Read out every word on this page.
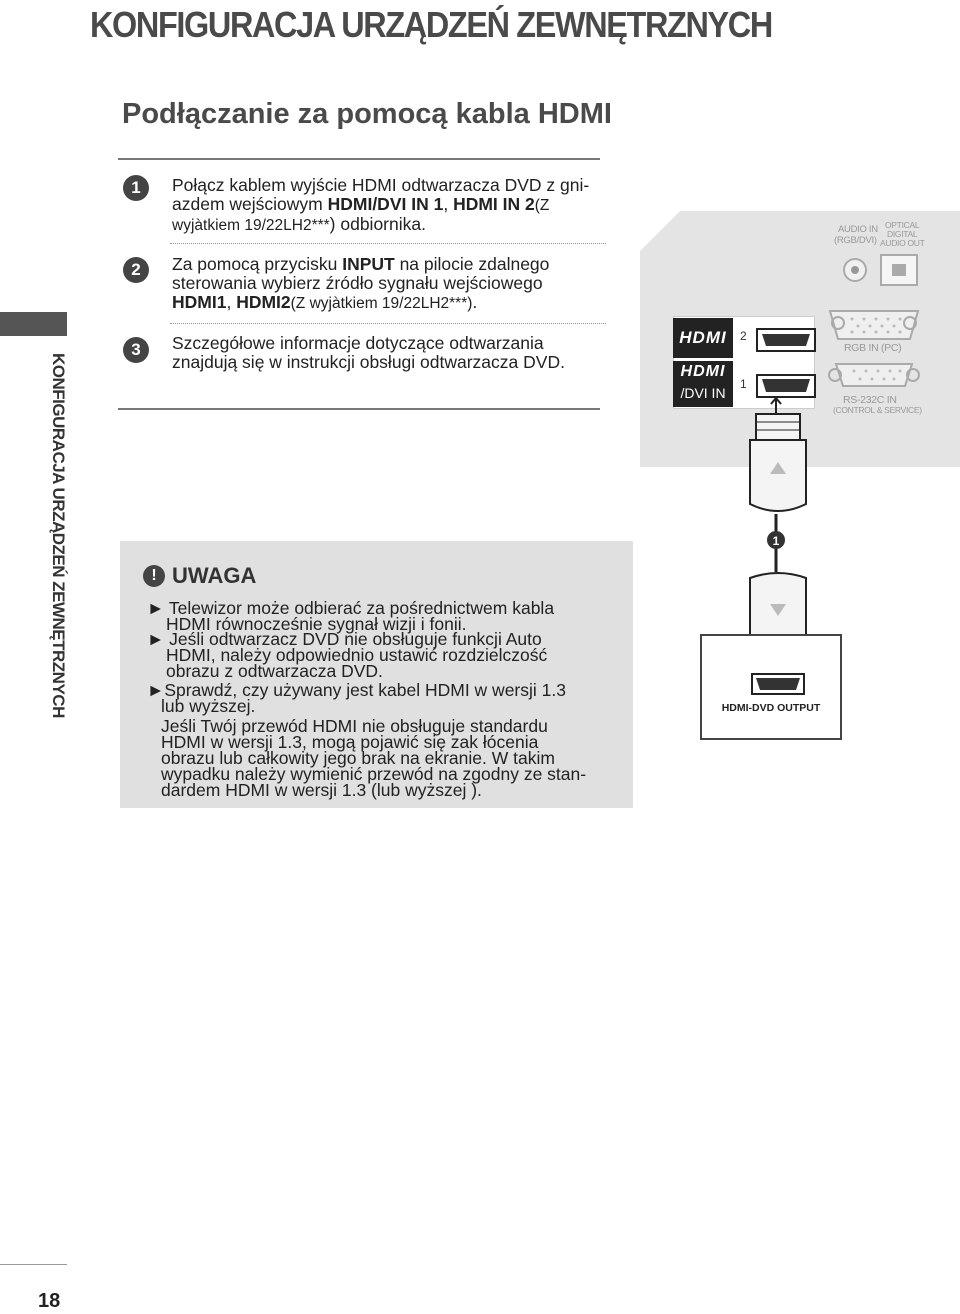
KONFIGURACJA URZĄDZEŃ ZEWNĘTRZNYCH
Podłączanie za pomocą kabla HDMI
KONFIGURACJA URZĄDZEŃ ZEWNĘTRZNYCH
18
1	Połącz kablem wyjście HDMI odtwarzacza DVD z gni-
azdem wejściowym HDMI/DVI IN 1, HDMI IN 2(Z
wyjàtkiem 19/22LH2***) odbiornika.
2	Za pomocą przycisku INPUT na pilocie zdalnego
sterowania wybierz źródło sygnału wejściowego
HDMI1, HDMI2(Z wyjàtkiem 19/22LH2***).
3	Szczegółowe informacje dotyczące odtwarzania
znajdują się w instrukcji obsługi odtwarzacza DVD.
! UWAGA
► Telewizor może odbierać za pośrednictwem kabla
HDMI równocześnie sygnał wizji i fonii.
► Jeśli odtwarzacz DVD nie obsługuje funkcji Auto
HDMI, należy odpowiednio ustawić rozdzielczość
obrazu z odtwarzacza DVD.
►Sprawdź, czy używany jest kabel HDMI w wersji 1.3
lub wyższej.
Jeśli Twój przewód HDMI nie obsługuje standardu
HDMI w wersji 1.3, mogą pojawić się zak łócenia
obrazu lub całkowity jego brak na ekranie. W takim
wypadku należy wymienić przewód na zgodny ze stan-
dardem HDMI w wersji 1.3 (lub wyższej ).
AUDIO IN
(RGB/DVI)
OPTICAL
DIGITAL
AUDIO OUT
RGB IN (PC)
RS-232C IN
(CONTROL & SERVICE)
HDMI
HDMI
/DVI IN
2
1
1
HDMI-DVD OUTPUT
